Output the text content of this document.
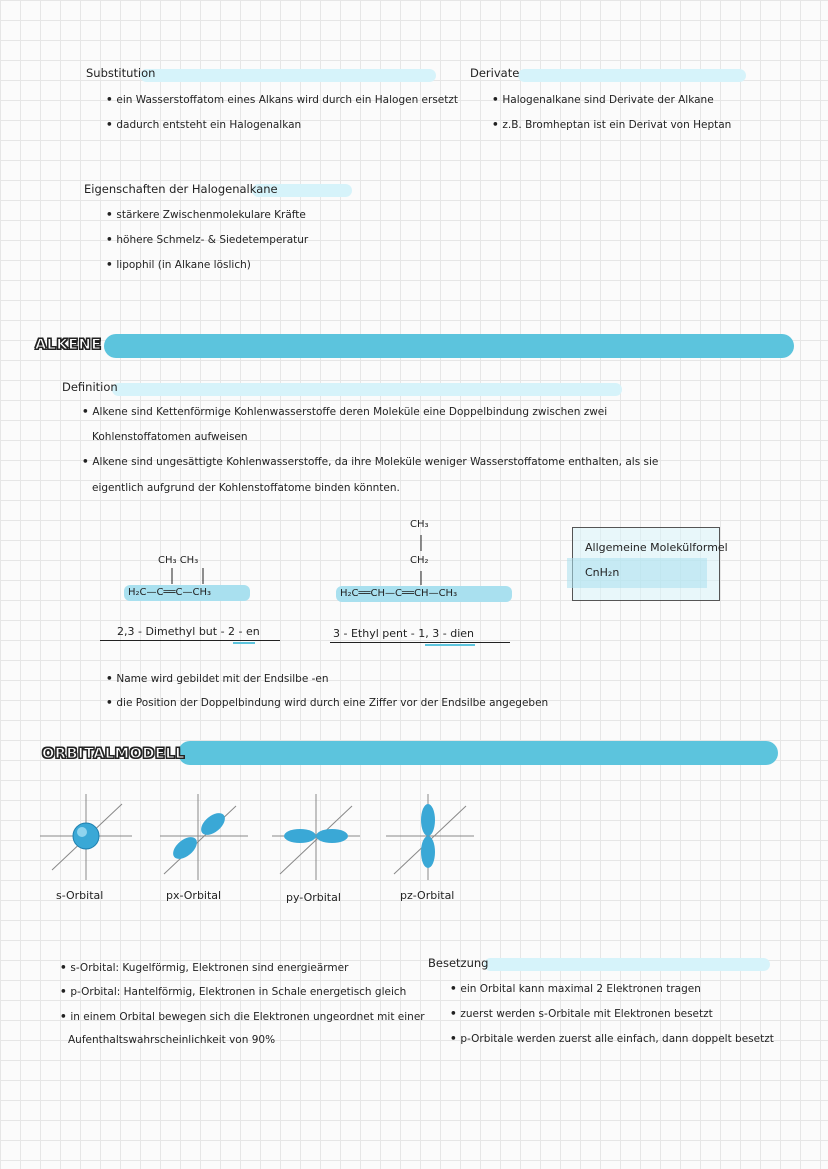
Substitution
• ein Wasserstoffatom eines Alkans wird durch ein Halogen ersetzt
• dadurch entsteht ein Halogenalkan
Derivate
• Halogenalkane sind Derivate der Alkane
• z.B. Bromheptan ist ein Derivat von Heptan
Eigenschaften der Halogenalkane
• stärkere Zwischenmolekulare Kräfte
• höhere Schmelz- & Siedetemperatur
• lipophil (in Alkane löslich)
ALKENE
Definition
• Alkene sind Kettenförmige Kohlenwasserstoffe deren Moleküle eine Doppelbindung zwischen zwei
Kohlenstoffatomen aufweisen
• Alkene sind ungesättigte Kohlenwasserstoffe, da ihre Moleküle weniger Wasserstoffatome enthalten, als sie
eigentlich aufgrund der Kohlenstoffatome binden könnten.
CH₃ CH₃
H₂C—C══C—CH₃
2,3 - Dimethyl but - 2 - en
CH₃
CH₂
H₂C══CH—C══CH—CH₃
3 - Ethyl pent - 1, 3 - dien
Allgemeine Molekülformel
CnH₂n
• Name wird gebildet mit der Endsilbe -en
• die Position der Doppelbindung wird durch eine Ziffer vor der Endsilbe angegeben
ORBITALMODELL
s-Orbital	px-Orbital	py-Orbital	pz-Orbital
• s-Orbital: Kugelförmig, Elektronen sind energieärmer
• p-Orbital: Hantelförmig, Elektronen in Schale energetisch gleich
• in einem Orbital bewegen sich die Elektronen ungeordnet mit einer
Aufenthaltswahrscheinlichkeit von 90%
Besetzung
• ein Orbital kann maximal 2 Elektronen tragen
• zuerst werden s-Orbitale mit Elektronen besetzt
• p-Orbitale werden zuerst alle einfach, dann doppelt besetzt
